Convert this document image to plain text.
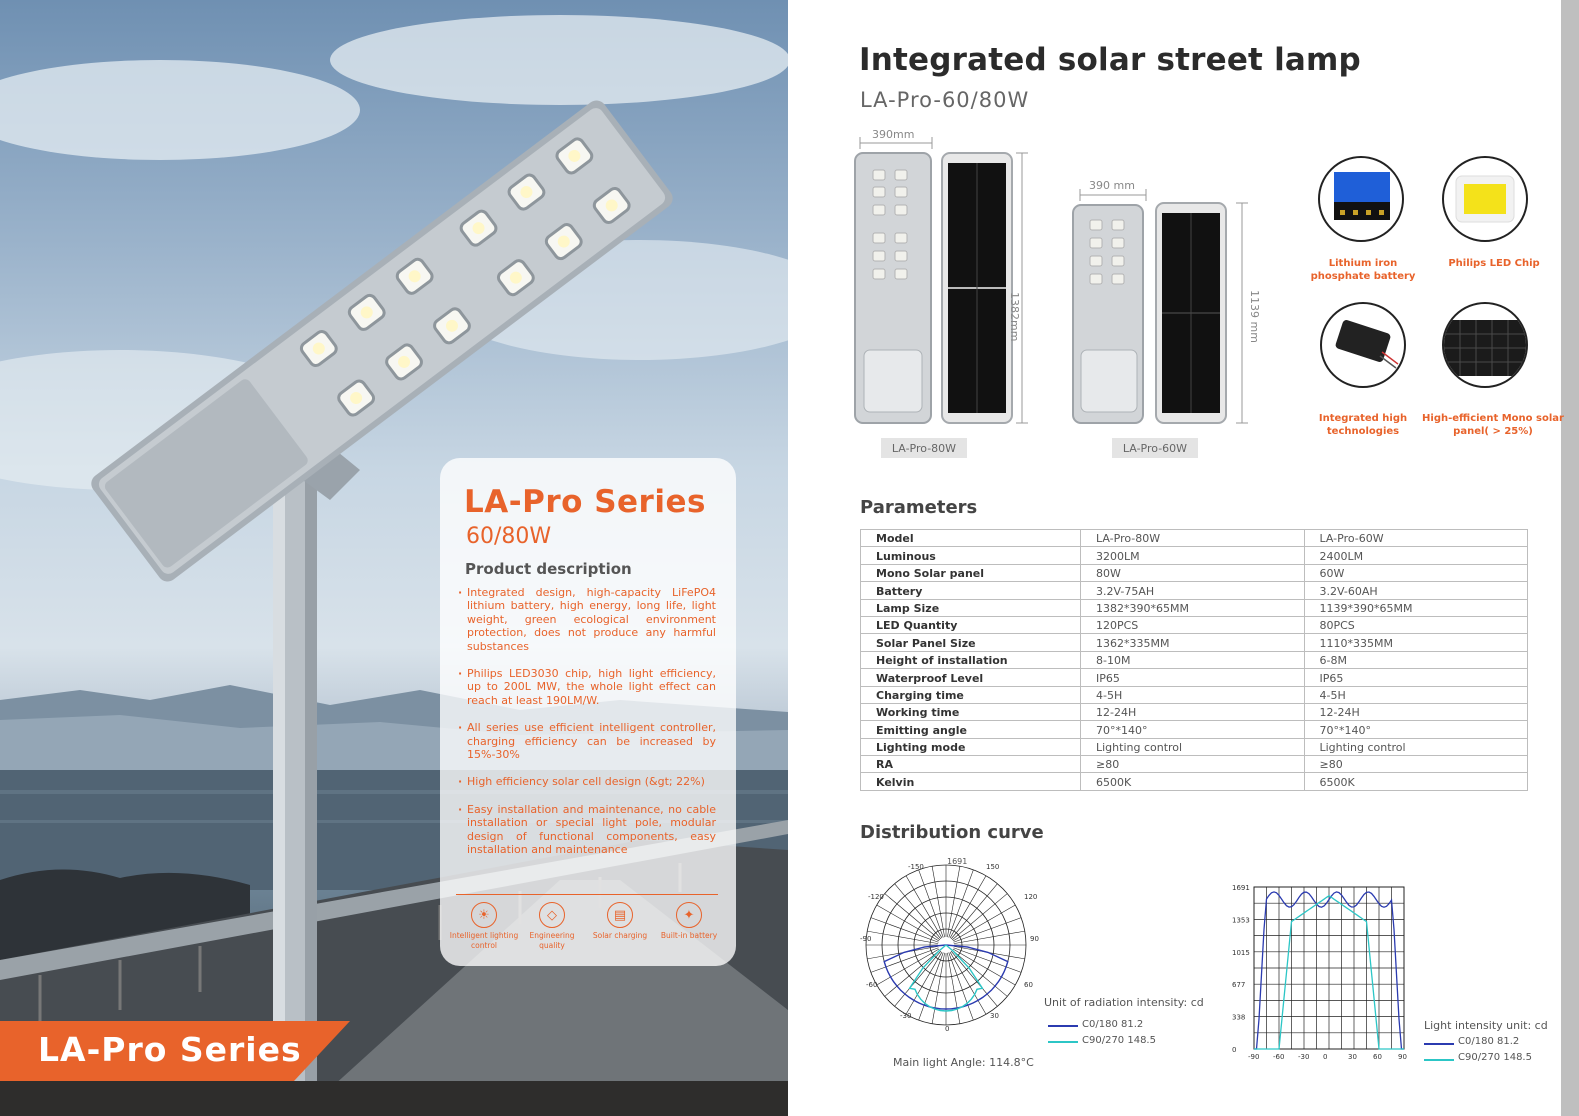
LA-Pro Series
60/80W
Product description
· Integrated design, high-capacity LiFePO4 lithium battery, high energy, long life, light weight, green ecological environment protection, does not produce any harmful substances
· Philips LED3030 chip, high light efficiency, up to 200L MW, the whole light effect can reach at least 190LM/W.
· All series use efficient intelligent controller, charging efficiency can be increased by 15%-30%
· High efficiency solar cell design (&gt; 22%)
· Easy installation and maintenance, no cable installation or special light pole, modular design of functional components, easy installation and maintenance
☀
Intelligent lighting control
◇
Engineering quality
▤
Solar charging
✦
Built-in battery
LA-Pro Series
Integrated solar street lamp
LA-Pro-60/80W
390mm
1382mm
390 mm
1139 mm
LA-Pro-80W	LA-Pro-60W
Lithium iron phosphate battery
Philips LED Chip
Integrated high technologies
High-efficient Mono solar panel( > 25%)
Parameters
Model	LA-Pro-80W	LA-Pro-60W
Luminous	3200LM	2400LM
Mono Solar panel	80W	60W
Battery	3.2V-75AH	3.2V-60AH
Lamp Size	1382*390*65MM	1139*390*65MM
LED Quantity	120PCS	80PCS
Solar Panel Size	1362*335MM	1110*335MM
Height of installation	8-10M	6-8M
Waterproof Level	IP65	IP65
Charging time	4-5H	4-5H
Working time	12-24H	12-24H
Emitting angle	70°*140°	70°*140°
Lighting mode	Lighting control	Lighting control
RA	≥80	≥80
Kelvin	6500K	6500K
Distribution curve
-150	150
-120	120
-90	90
-60	60
-30	30
0
1691
Unit of radiation intensity: cd
C0/180 81.2
C90/270 148.5
Main light Angle: 114.8°C
1691
1353
1015
677
338
0
-90 -60 -30 0	30 60 90
Light intensity unit: cd
C0/180 81.2
C90/270 148.5
